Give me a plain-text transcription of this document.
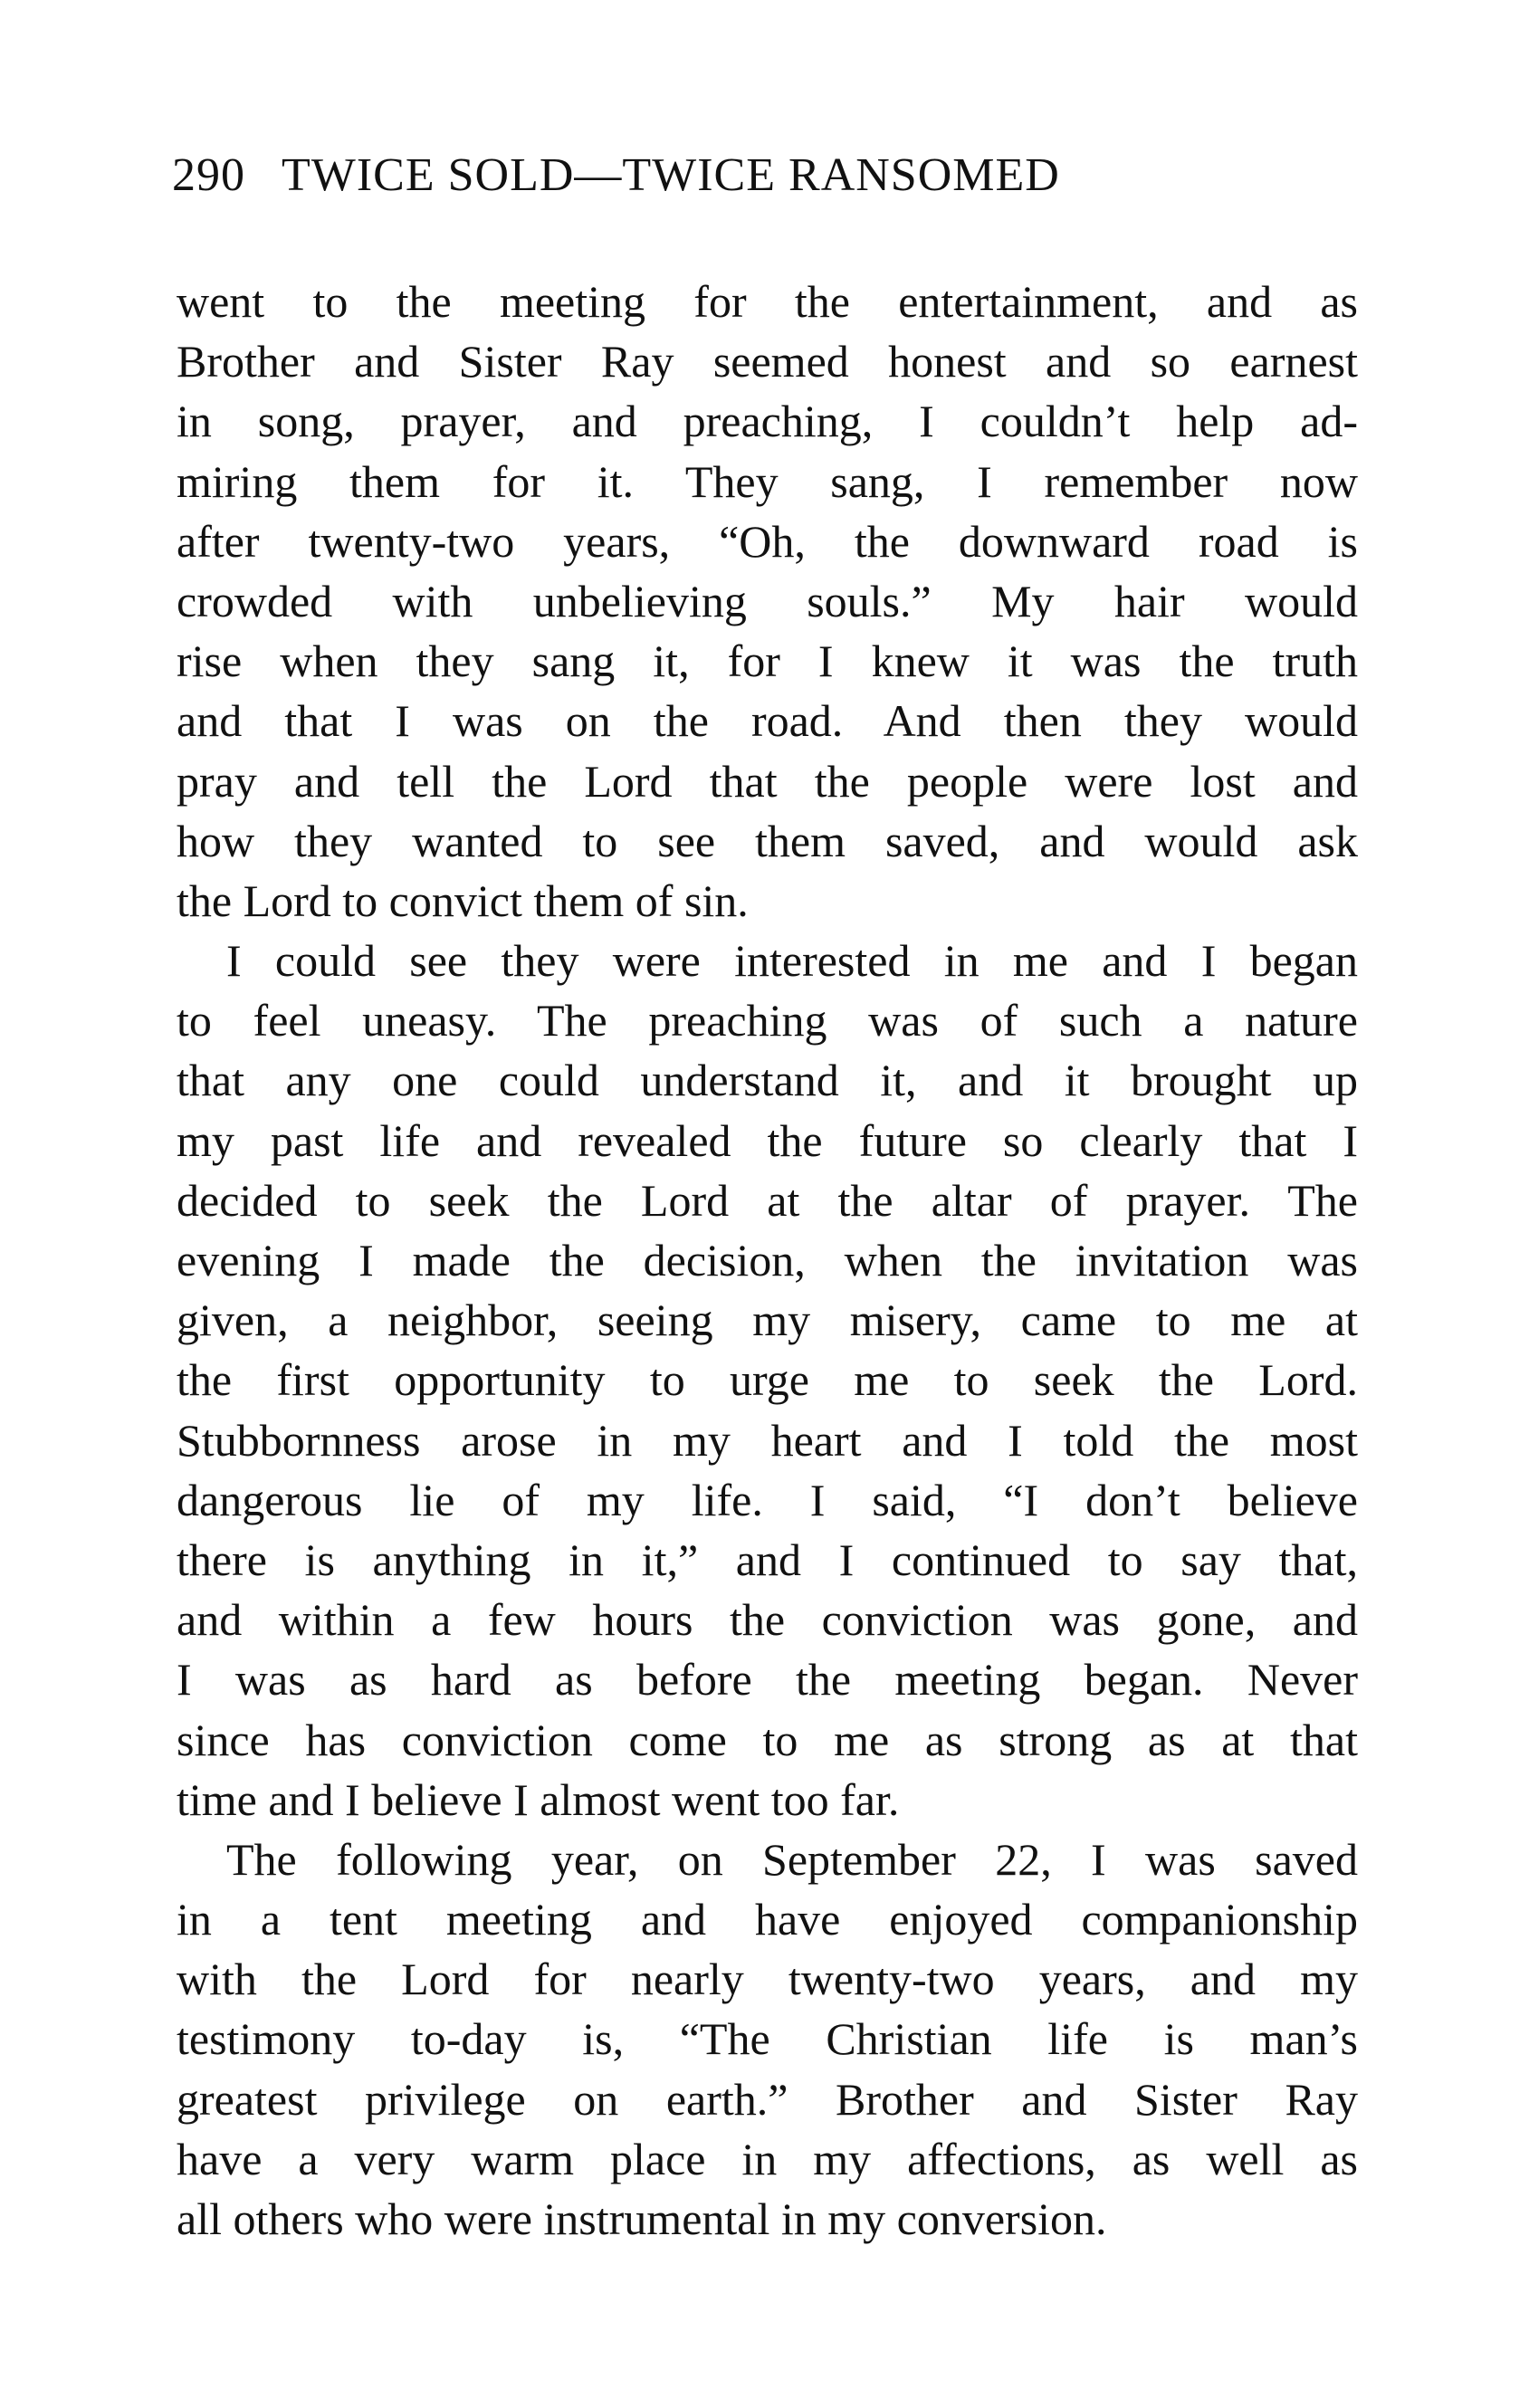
290 TWICE SOLD—TWICE RANSOMED
went to the meeting for the entertainment, and as
Brother and Sister Ray seemed honest and so earnest
in song, prayer, and preaching, I couldn’t help ad-
miring them for it. They sang, I remember now
after twenty-two years, “Oh, the downward road is
crowded with unbelieving souls.” My hair would
rise when they sang it, for I knew it was the truth
and that I was on the road. And then they would
pray and tell the Lord that the people were lost and
how they wanted to see them saved, and would ask
the Lord to convict them of sin.
I could see they were interested in me and I began
to feel uneasy. The preaching was of such a nature
that any one could understand it, and it brought up
my past life and revealed the future so clearly that I
decided to seek the Lord at the altar of prayer. The
evening I made the decision, when the invitation was
given, a neighbor, seeing my misery, came to me at
the first opportunity to urge me to seek the Lord.
Stubbornness arose in my heart and I told the most
dangerous lie of my life. I said, “I don’t believe
there is anything in it,” and I continued to say that,
and within a few hours the conviction was gone, and
I was as hard as before the meeting began. Never
since has conviction come to me as strong as at that
time and I believe I almost went too far.
The following year, on September 22, I was saved
in a tent meeting and have enjoyed companionship
with the Lord for nearly twenty-two years, and my
testimony to-day is, “The Christian life is man’s
greatest privilege on earth.” Brother and Sister Ray
have a very warm place in my affections, as well as
all others who were instrumental in my conversion.
